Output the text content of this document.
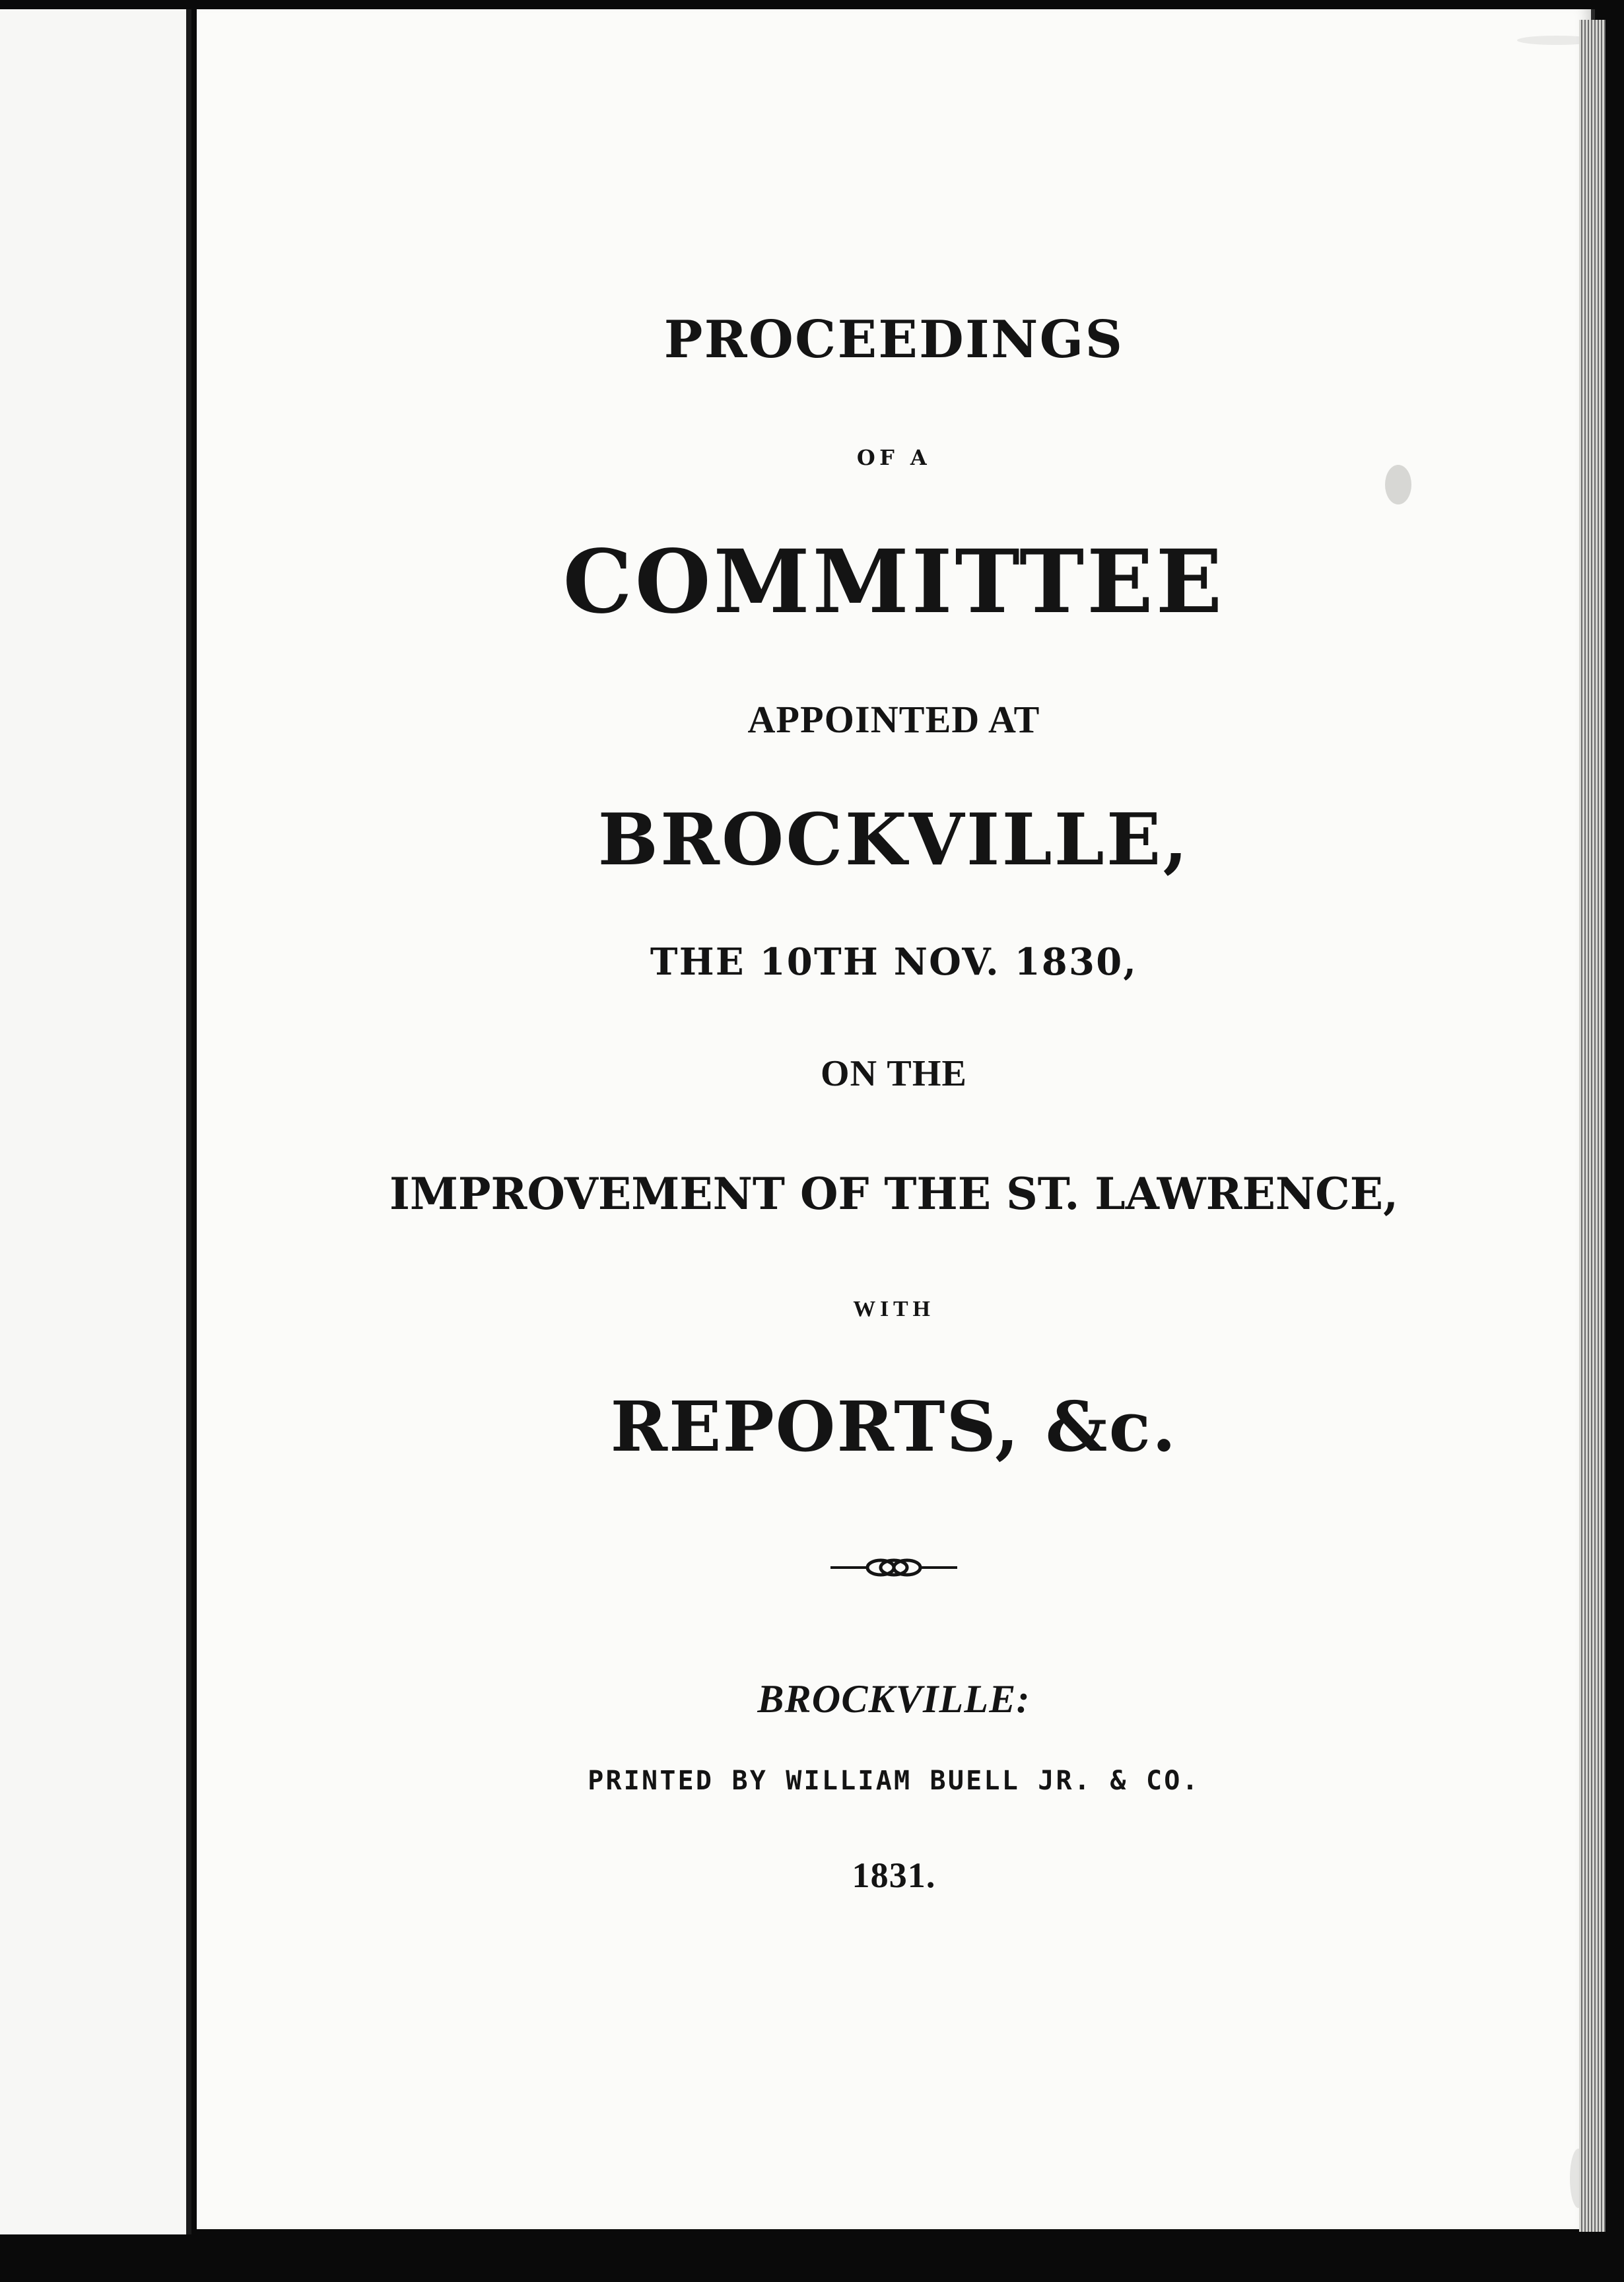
PROCEEDINGS
OF A
COMMITTEE
APPOINTED AT
BROCKVILLE,
THE 10TH NOV. 1830,
ON THE
IMPROVEMENT OF THE ST. LAWRENCE,
WITH
REPORTS, &c.
BROCKVILLE:
PRINTED BY WILLIAM BUELL JR. & CO.
1831.
